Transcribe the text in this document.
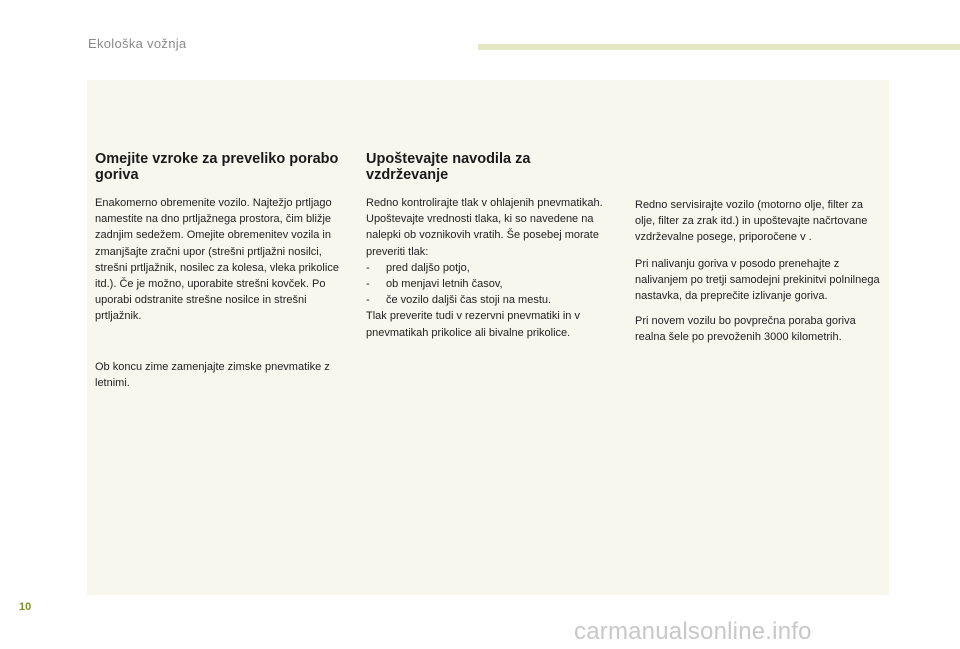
Ekološka vožnja
Omejite vzroke za preveliko porabo goriva

Enakomerno obremenite vozilo. Najtežjo prtljago namestite na dno prtljažnega prostora, čim bližje zadnjim sedežem. Omejite obremenitev vozila in zmanjšajte zračni upor (strešni prtljažni nosilci, strešni prtljažnik, nosilec za kolesa, vleka prikolice itd.). Če je možno, uporabite strešni kovček. Po uporabi odstranite strešne nosilce in strešni prtljažnik.

Ob koncu zime zamenjajte zimske pnevmatike z letnimi.

Upoštevajte navodila za vzdrževanje

Redno kontrolirajte tlak v ohlajenih pnevmatikah. Upoštevajte vrednosti tlaka, ki so navedene na nalepki ob voznikovih vratih. Še posebej morate preveriti tlak:

-	pred daljšo potjo,
-	ob menjavi letnih časov,
-	če vozilo daljši čas stoji na mestu.

Tlak preverite tudi v rezervni pnevmatiki in v pnevmatikah prikolice ali bivalne prikolice.

Redno servisirajte vozilo (motorno olje, filter za olje, filter za zrak itd.) in upoštevajte načrtovane vzdrževalne posege, priporočene v .

Pri nalivanju goriva v posodo prenehajte z nalivanjem po tretji samodejni prekinitvi polnilnega nastavka, da preprečite izlivanje goriva.

Pri novem vozilu bo povprečna poraba goriva realna šele po prevoženih 3000 kilometrih.

10
carmanualsonline.info
